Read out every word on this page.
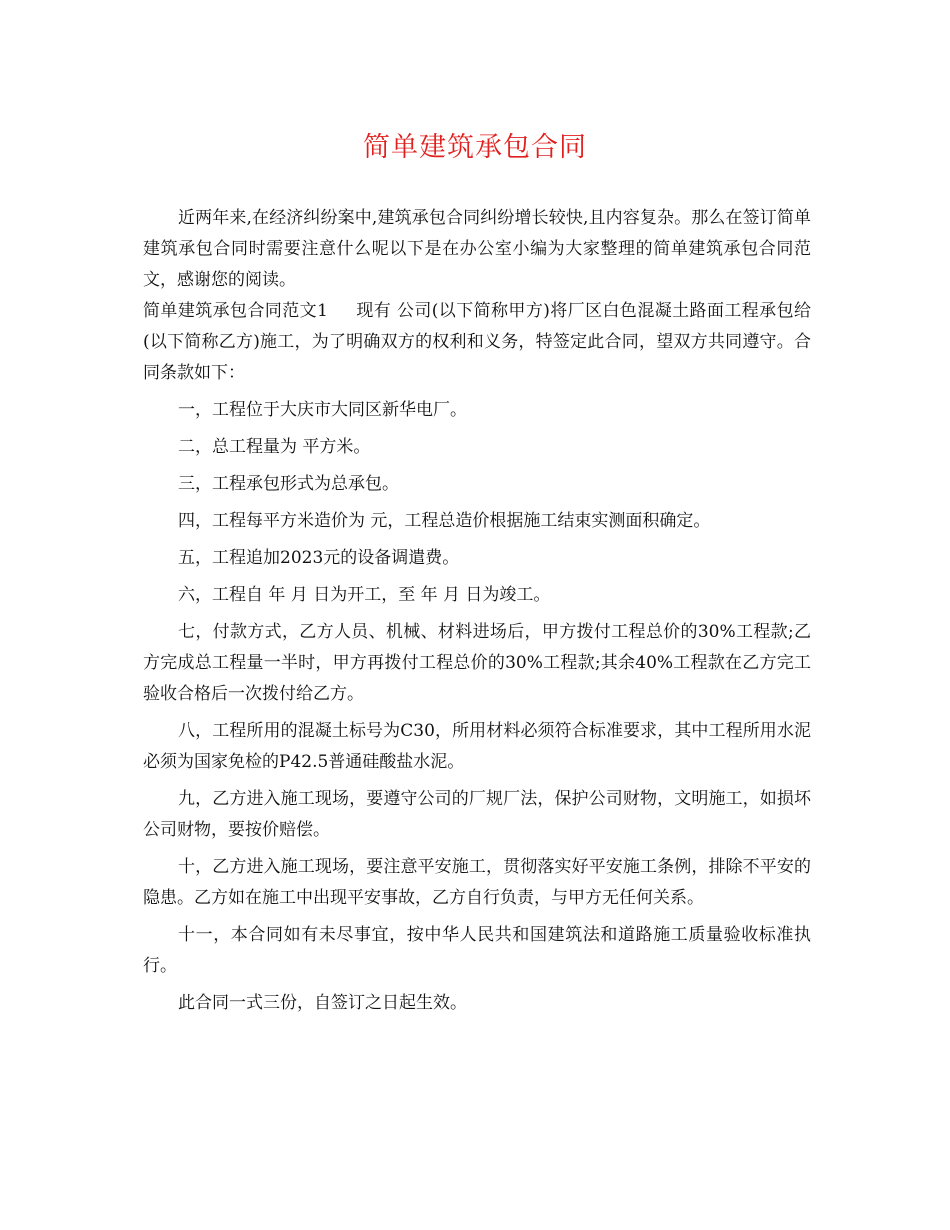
简单建筑承包合同

近两年来,在经济纠纷案中,建筑承包合同纠纷增长较快,且内容复杂。那么在签订简单建筑承包合同时需要注意什么呢以下是在办公室小编为大家整理的简单建筑承包合同范文，感谢您的阅读。

简单建筑承包合同范文1 现有 公司(以下简称甲方)将厂区白色混凝土路面工程承包给 (以下简称乙方)施工，为了明确双方的权利和义务，特签定此合同，望双方共同遵守。合同条款如下：

一，工程位于大庆市大同区新华电厂。

二，总工程量为 平方米。

三，工程承包形式为总承包。

四，工程每平方米造价为 元，工程总造价根据施工结束实测面积确定。

五，工程追加2023元的设备调遣费。

六，工程自 年 月 日为开工，至 年 月 日为竣工。

七，付款方式，乙方人员、机械、材料进场后，甲方拨付工程总价的30%工程款;乙方完成总工程量一半时，甲方再拨付工程总价的30%工程款;其余40%工程款在乙方完工验收合格后一次拨付给乙方。

八，工程所用的混凝土标号为C30，所用材料必须符合标准要求，其中工程所用水泥必须为国家免检的P42.5普通硅酸盐水泥。

九，乙方进入施工现场，要遵守公司的厂规厂法，保护公司财物，文明施工，如损坏公司财物，要按价赔偿。

十，乙方进入施工现场，要注意平安施工，贯彻落实好平安施工条例，排除不平安的隐患。乙方如在施工中出现平安事故，乙方自行负责，与甲方无任何关系。

十一，本合同如有未尽事宜，按中华人民共和国建筑法和道路施工质量验收标准执行。

此合同一式三份，自签订之日起生效。
